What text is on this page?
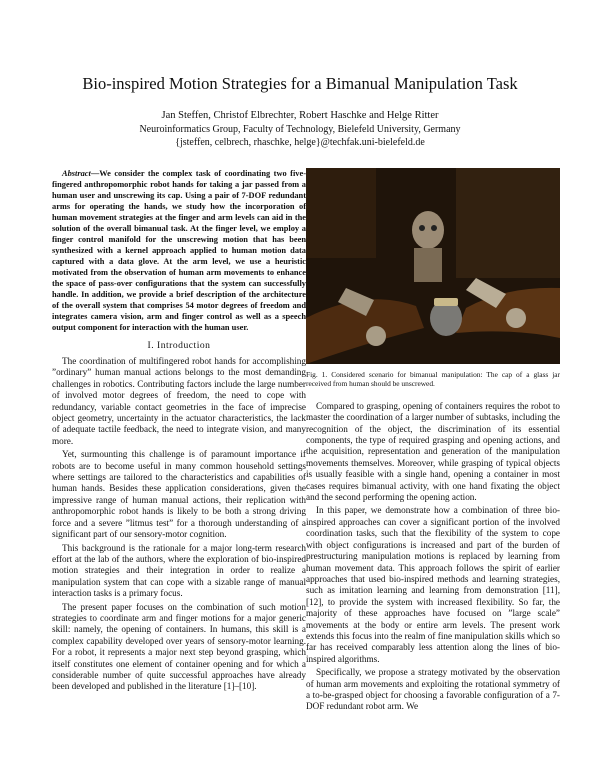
Bio-inspired Motion Strategies for a Bimanual Manipulation Task
Jan Steffen, Christof Elbrechter, Robert Haschke and Helge Ritter
Neuroinformatics Group, Faculty of Technology, Bielefeld University, Germany
{jsteffen, celbrech, rhaschke, helge}@techfak.uni-bielefeld.de

Abstract—We consider the complex task of coordinating two five-fingered anthropomorphic robot hands for taking a jar passed from a human user and unscrewing its cap. Using a pair of 7-DOF redundant arms for operating the hands, we study how the incorporation of human movement strategies at the finger and arm levels can aid in the solution of the overall bimanual task. At the finger level, we employ a finger control manifold for the unscrewing motion that has been synthesized with a kernel approach applied to human motion data captured with a data glove. At the arm level, we use a heuristic motivated from the observation of human arm movements to enhance the space of pass-over configurations that the system can successfully handle. In addition, we provide a brief description of the architecture of the overall system that comprises 54 motor degrees of freedom and integrates camera vision, arm and finger control as well as a speech output component for interaction with the human user.

I. Introduction

The coordination of multifingered robot hands for accomplishing ”ordinary” human manual actions belongs to the most demanding challenges in robotics. Contributing factors include the large number of involved motor degrees of freedom, the need to cope with redundancy, variable contact geometries in the face of imprecise object geometry, uncertainty in the actuator characteristics, the lack of adequate tactile feedback, the need to integrate vision, and many more.

Yet, surmounting this challenge is of paramount importance if robots are to become useful in many common household settings where settings are tailored to the characteristics and capabilities of human hands. Besides these application considerations, given the impressive range of human manual actions, their replication with anthropomorphic robot hands is likely to be both a strong driving force and a severe ”litmus test” for a thorough understanding of a significant part of our sensory-motor cognition.

This background is the rationale for a major long-term research effort at the lab of the authors, where the exploration of bio-inspired motion strategies and their integration in order to realize a manipulation system that can cope with a sizable range of manual interaction tasks is a primary focus.

The present paper focuses on the combination of such motion strategies to coordinate arm and finger motions for a major generic skill: namely, the opening of containers. In humans, this skill is a complex capability developed over years of sensory-motor learning. For a robot, it represents a major next step beyond grasping, which itself constitutes one element of container opening and for which a considerable number of quite successful approaches have already been developed and published in the literature [1]–[10].

Fig. 1. Considered scenario for bimanual manipulation: The cap of a glass jar received from human should be unscrewed.

Compared to grasping, opening of containers requires the robot to master the coordination of a larger number of subtasks, including the recognition of the object, the discrimination of its essential components, the type of required grasping and opening actions, and the acquisition, representation and generation of the manipulation movements themselves. Moreover, while grasping of typical objects is usually feasible with a single hand, opening a container in most cases requires bimanual activity, with one hand fixating the object and the second performing the opening action.

In this paper, we demonstrate how a combination of three bio-inspired approaches can cover a significant portion of the involved coordination tasks, such that the flexibility of the system to cope with object configurations is increased and part of the burden of prestructuring manipulation motions is replaced by learning from human movement data. This approach follows the spirit of earlier approaches that used bio-inspired methods and learning strategies, such as imitation learning and learning from demonstration [11], [12], to provide the system with increased flexibility. So far, the majority of these approaches have focused on ”large scale” movements at the body or entire arm levels. The present work extends this focus into the realm of fine manipulation skills which so far has received comparably less attention along the lines of bio-inspired algorithms.

Specifically, we propose a strategy motivated by the observation of human arm movements and exploiting the rotational symmetry of a to-be-grasped object for choosing a favorable configuration of a 7-DOF redundant robot arm. We
